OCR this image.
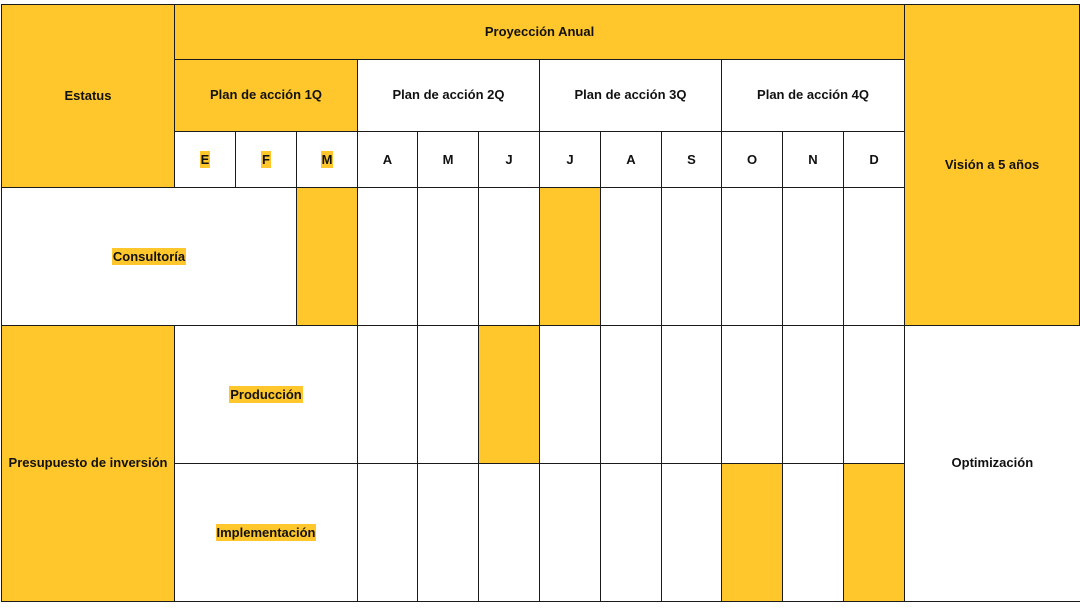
Estatus	Proyección Anual												Visión a 5 años
	Plan de acción 1Q			Plan de acción 2Q			Plan de acción 3Q			Plan de acción 4Q			
	E	F	M	A	M	J	J	A	S	O	N	D	
Consultoría													
Presupuesto de inversión	Producción												Optimización
	Implementación												
